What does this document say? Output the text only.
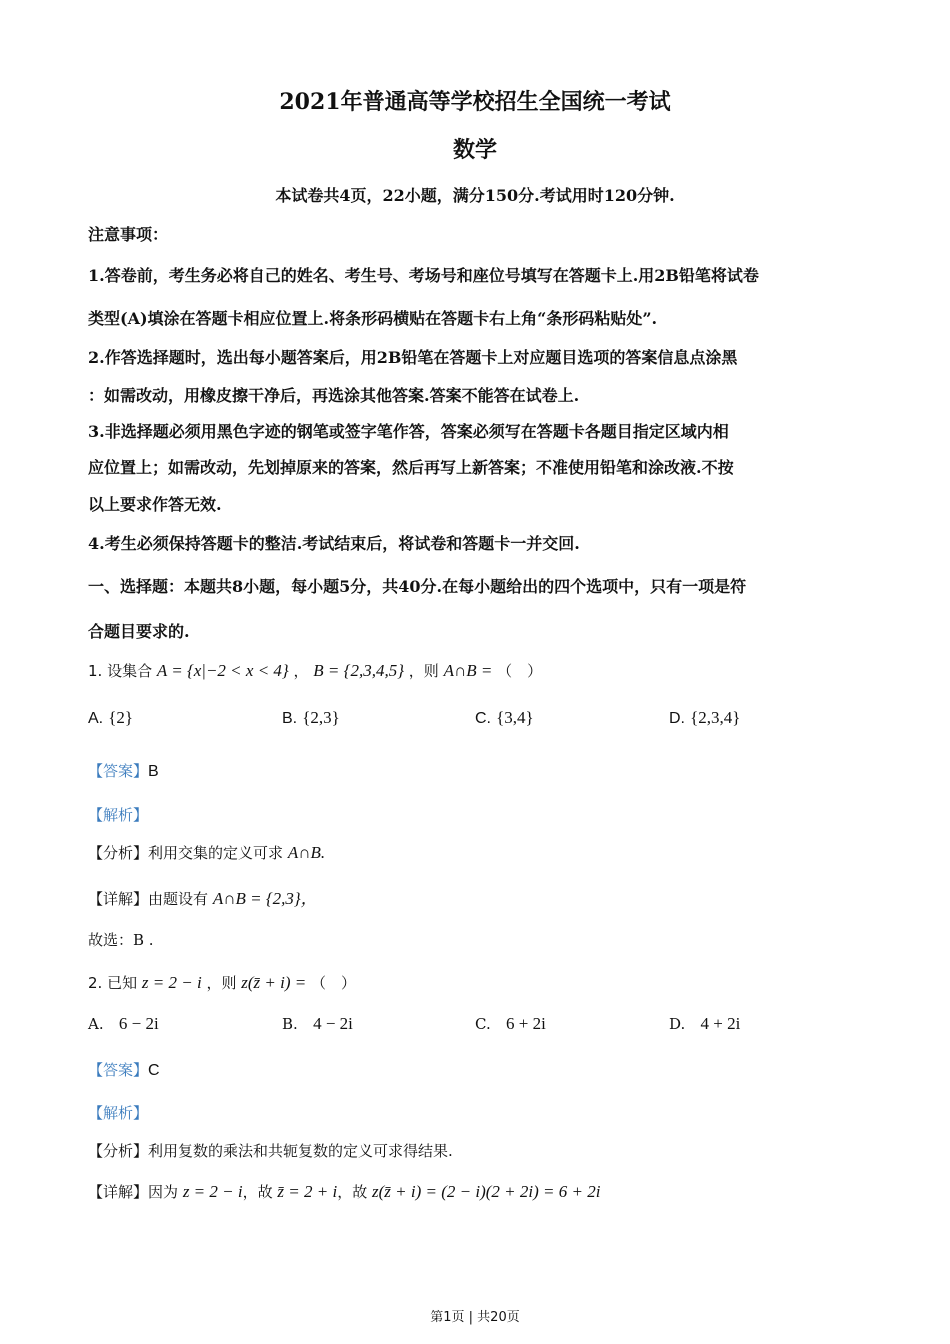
2021年普通高等学校招生全国统一考试
数学
本试卷共4页，22小题，满分150分.考试用时120分钟.
注意事项：
1.答卷前，考生务必将自己的姓名、考生号、考场号和座位号填写在答题卡上.用2B铅笔将试卷
类型(A)填涂在答题卡相应位置上.将条形码横贴在答题卡右上角“条形码粘贴处”.
2.作答选择题时，选出每小题答案后，用2B铅笔在答题卡上对应题目选项的答案信息点涂黑
：如需改动，用橡皮擦干净后，再选涂其他答案.答案不能答在试卷上.
3.非选择题必须用黑色字迹的钢笔或签字笔作答，答案必须写在答题卡各题目指定区域内相
应位置上；如需改动，先划掉原来的答案，然后再写上新答案；不准使用铅笔和涂改液.不按
以上要求作答无效.
4.考生必须保持答题卡的整洁.考试结束后，将试卷和答题卡一并交回.
一、选择题：本题共8小题，每小题5分，共40分.在每小题给出的四个选项中，只有一项是符
合题目要求的.
1. 设集合 A = {x|−2 < x < 4} ， B = {2,3,4,5} ，则 A∩B = （　）
A. {2}	B. {2,3}	C. {3,4}	D. {2,3,4}
【答案】B
【解析】
【分析】利用交集的定义可求 A∩B.
【详解】由题设有 A∩B = {2,3}，
故选：B .
2. 已知 z = 2 − i ，则 z(z̄ + i) = （　）
A. 6 − 2i	B. 4 − 2i	C. 6 + 2i	D. 4 + 2i
【答案】C
【解析】
【分析】利用复数的乘法和共轭复数的定义可求得结果.
【详解】因为 z = 2 − i，故 z̄ = 2 + i，故 z(z̄ + i) = (2 − i)(2 + 2i) = 6 + 2i
第1页 | 共20页
